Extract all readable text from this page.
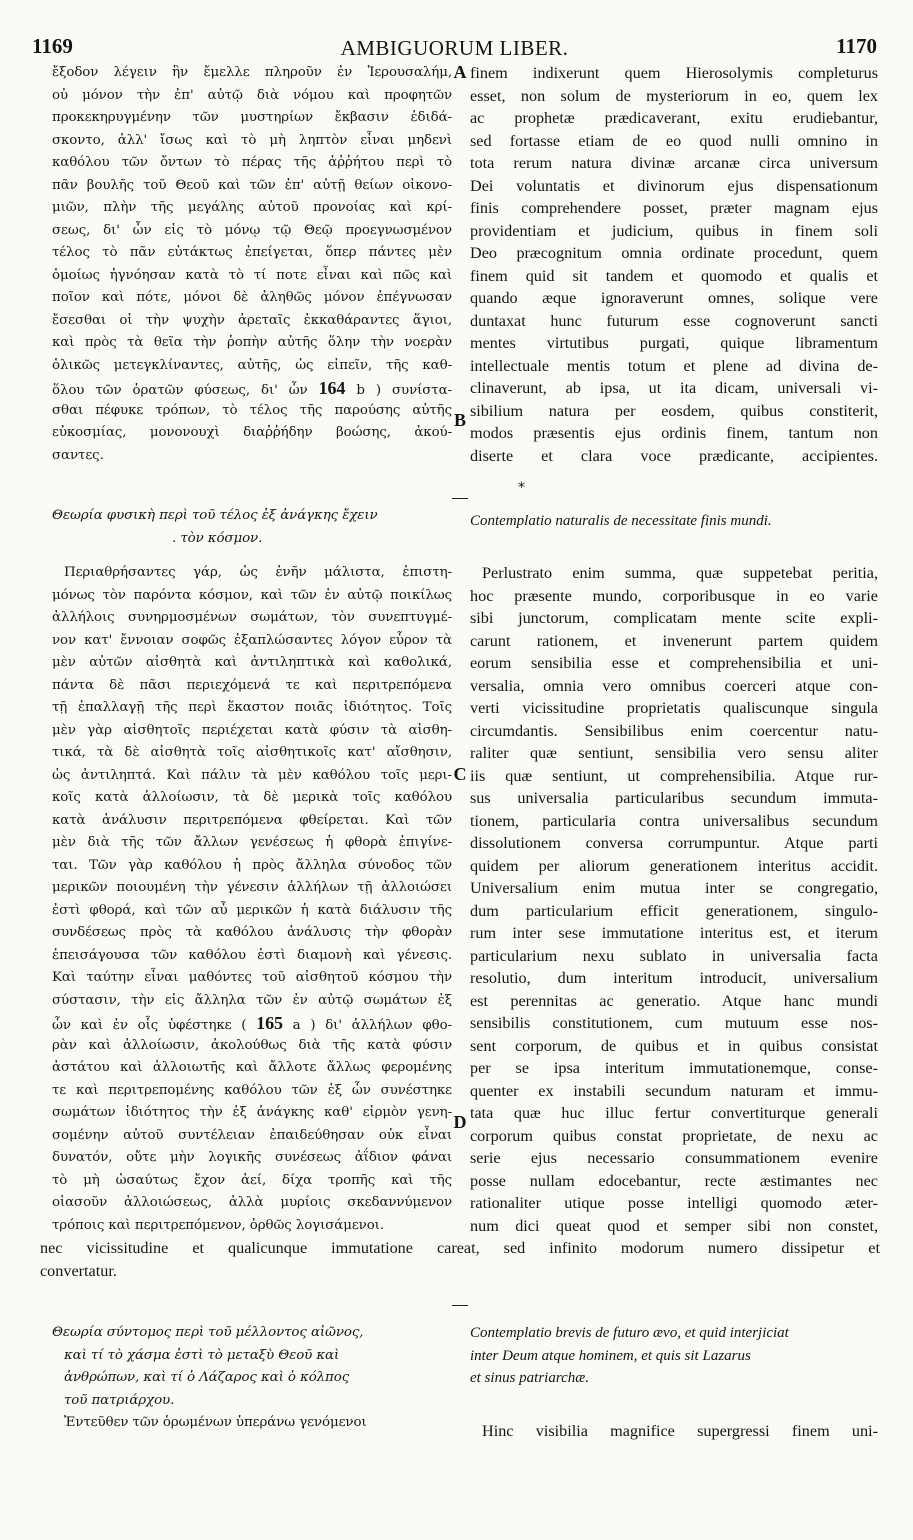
1169	AMBIGUORUM LIBER.	1170
A
B
C
D
ἔξοδον λέγειν ἣν ἔμελλε πληροῦν ἐν Ἱερουσαλήμ,
οὐ μόνον τὴν ἐπ' αὐτῷ διὰ νόμου καὶ προφητῶν
προκεκηρυγμένην τῶν μυστηρίων ἔκβασιν ἐδιδά-
σκοντο, ἀλλ' ἴσως καὶ τὸ μὴ ληπτὸν εἶναι μηδενὶ
καθόλου τῶν ὄντων τὸ πέρας τῆς ἀῤῥήτου περὶ τὸ
πᾶν βουλῆς τοῦ Θεοῦ καὶ τῶν ἐπ' αὐτῇ θείων οἰκονο-
μιῶν, πλὴν τῆς μεγάλης αὐτοῦ προνοίας καὶ κρί-
σεως, δι' ὧν εἰς τὸ μόνῳ τῷ Θεῷ προεγνωσμένον
τέλος τὸ πᾶν εὐτάκτως ἐπείγεται, ὅπερ πάντες μὲν
ὁμοίως ἠγνόησαν κατὰ τὸ τί ποτε εἶναι καὶ πῶς καὶ
ποῖον καὶ πότε, μόνοι δὲ ἀληθῶς μόνον ἐπέγνωσαν
ἔσεσθαι οἱ τὴν ψυχὴν ἀρεταῖς ἐκκαθάραντες ἅγιοι,
καὶ πρὸς τὰ θεῖα τὴν ῥοπὴν αὐτῆς ὅλην τὴν νοερὰν
ὁλικῶς μετεγκλίναντες, αὐτῆς, ὡς εἰπεῖν, τῆς καθ-
ὅλου τῶν ὁρατῶν φύσεως, δι' ὧν 164 b ) συνίστα-
σθαι πέφυκε τρόπων, τὸ τέλος τῆς παρούσης αὐτῆς
εὐκοσμίας, μονονουχὶ διαῤῥήδην βοώσης, ἀκού-
σαντες.
Θεωρία φυσικὴ περὶ τοῦ τέλος ἐξ ἀνάγκης ἔχειν
. τὸν κόσμον.
Περιαθρήσαντες γάρ, ὡς ἐνῆν μάλιστα, ἐπιστη-
μόνως τὸν παρόντα κόσμον, καὶ τῶν ἐν αὐτῷ ποικίλως
ἀλλήλοις συνηρμοσμένων σωμάτων, τὸν συνεπτυγμέ-
νον κατ' ἔννοιαν σοφῶς ἐξαπλώσαντες λόγον εὗρον τὰ
μὲν αὐτῶν αἰσθητὰ καὶ ἀντιληπτικὰ καὶ καθολικά,
πάντα δὲ πᾶσι περιεχόμενά τε καὶ περιτρεπόμενα
τῇ ἐπαλλαγῇ τῆς περὶ ἕκαστον ποιᾶς ἰδιότητος. Τοῖς
μὲν γὰρ αἰσθητοῖς περιέχεται κατὰ φύσιν τὰ αἰσθη-
τικά, τὰ δὲ αἰσθητὰ τοῖς αἰσθητικοῖς κατ' αἴσθησιν,
ὡς ἀντιληπτά. Καὶ πάλιν τὰ μὲν καθόλου τοῖς μερι-
κοῖς κατὰ ἀλλοίωσιν, τὰ δὲ μερικὰ τοῖς καθόλου
κατὰ ἀνάλυσιν περιτρεπόμενα φθείρεται. Καὶ τῶν
μὲν διὰ τῆς τῶν ἄλλων γενέσεως ἡ φθορὰ ἐπιγίνε-
ται. Τῶν γὰρ καθόλου ἡ πρὸς ἄλληλα σύνοδος τῶν
μερικῶν ποιουμένη τὴν γένεσιν ἀλλήλων τῇ ἀλλοιώσει
ἐστὶ φθορά, καὶ τῶν αὖ μερικῶν ἡ κατὰ διάλυσιν τῆς
συνδέσεως πρὸς τὰ καθόλου ἀνάλυσις τὴν φθορὰν
ἐπεισάγουσα τῶν καθόλου ἐστὶ διαμονὴ καὶ γένεσις.
Καὶ ταύτην εἶναι μαθόντες τοῦ αἰσθητοῦ κόσμου τὴν
σύστασιν, τὴν εἰς ἄλληλα τῶν ἐν αὐτῷ σωμάτων ἐξ
ὧν καὶ ἐν οἷς ὑφέστηκε ( 165 a ) δι' ἀλλήλων φθο-
ρὰν καὶ ἀλλοίωσιν, ἀκολούθως διὰ τῆς κατὰ φύσιν
ἀστάτου καὶ ἀλλοιωτῆς καὶ ἄλλοτε ἄλλως φερομένης
τε καὶ περιτρεπομένης καθόλου τῶν ἐξ ὧν συνέστηκε
σωμάτων ἰδιότητος τὴν ἐξ ἀνάγκης καθ' εἱρμὸν γενη-
σομένην αὐτοῦ συντέλειαν ἐπαιδεύθησαν οὐκ εἶναι
δυνατόν, οὔτε μὴν λογικῆς συνέσεως ἀΐδιον φάναι
τὸ μὴ ὡσαύτως ἔχον ἀεί, δίχα τροπῆς καὶ τῆς
οἱασοῦν ἀλλοιώσεως, ἀλλὰ μυρίοις σκεδαννύμενον
τρόποις καὶ περιτρεπόμενον, ὀρθῶς λογισάμενοι.
finem indixerunt quem Hierosolymis completurus
esset, non solum de mysteriorum in eo, quem lex
ac prophetæ prædicaverant, exitu erudiebantur,
sed fortasse etiam de eo quod nulli omnino in
tota rerum natura divinæ arcanæ circa universum
Dei voluntatis et divinorum ejus dispensationum
finis comprehendere posset, præter magnam ejus
providentiam et judicium, quibus in finem soli
Deo præcognitum omnia ordinate procedunt, quem
finem quid sit tandem et quomodo et qualis et
quando æque ignoraverunt omnes, solique vere
duntaxat hunc futurum esse cognoverunt sancti
mentes virtutibus purgati, quique libramentum
intellectuale mentis totum et plene ad divina de-
clinaverunt, ab ipsa, ut ita dicam, universali vi-
sibilium natura per eosdem, quibus constiterit,
modos præsentis ejus ordinis finem, tantum non
diserte et clara voce prædicante, accipientes.
*
Contemplatio naturalis de necessitate finis mundi.
Perlustrato enim summa, quæ suppetebat peritia,
hoc præsente mundo, corporibusque in eo varie
sibi junctorum, complicatam mente scite expli-
carunt rationem, et invenerunt partem quidem
eorum sensibilia esse et comprehensibilia et uni-
versalia, omnia vero omnibus coerceri atque con-
verti vicissitudine proprietatis qualiscunque singula
circumdantis. Sensibilibus enim coercentur natu-
raliter quæ sentiunt, sensibilia vero sensu aliter
iis quæ sentiunt, ut comprehensibilia. Atque rur-
sus universalia particularibus secundum immuta-
tionem, particularia contra universalibus secundum
dissolutionem conversa corrumpuntur. Atque parti
quidem per aliorum generationem interitus accidit.
Universalium enim mutua inter se congregatio,
dum particularium efficit generationem, singulo-
rum inter sese immutatione interitus est, et iterum
particularium nexu sublato in universalia facta
resolutio, dum interitum introducit, universalium
est perennitas ac generatio. Atque hanc mundi
sensibilis constitutionem, cum mutuum esse nos-
sent corporum, de quibus et in quibus consistat
per se ipsa interitum immutationemque, conse-
quenter ex instabili secundum naturam et immu-
tata quæ huc illuc fertur convertiturque generali
corporum quibus constat proprietate, de nexu ac
serie ejus necessario consummationem evenire
posse nullam edocebantur, recte æstimantes nec
rationaliter utique posse intelligi quomodo æter-
num dici queat quod et semper sibi non constet,
nec vicissitudine et qualicunque immutatione careat, sed infinito modorum numero dissipetur et
convertatur.
Θεωρία σύντομος περὶ τοῦ μέλλοντος αἰῶνος,
καὶ τί τὸ χάσμα ἐστὶ τὸ μεταξὺ Θεοῦ καὶ
ἀνθρώπων, καὶ τί ὁ Λάζαρος καὶ ὁ κόλπος
τοῦ πατριάρχου.
Ἐντεῦθεν τῶν ὁρωμένων ὑπεράνω γενόμενοι
Contemplatio brevis de futuro ævo, et quid interjiciat
inter Deum atque hominem, et quis sit Lazarus
et sinus patriarchæ.
Hinc visibilia magnifice supergressi finem uni-
